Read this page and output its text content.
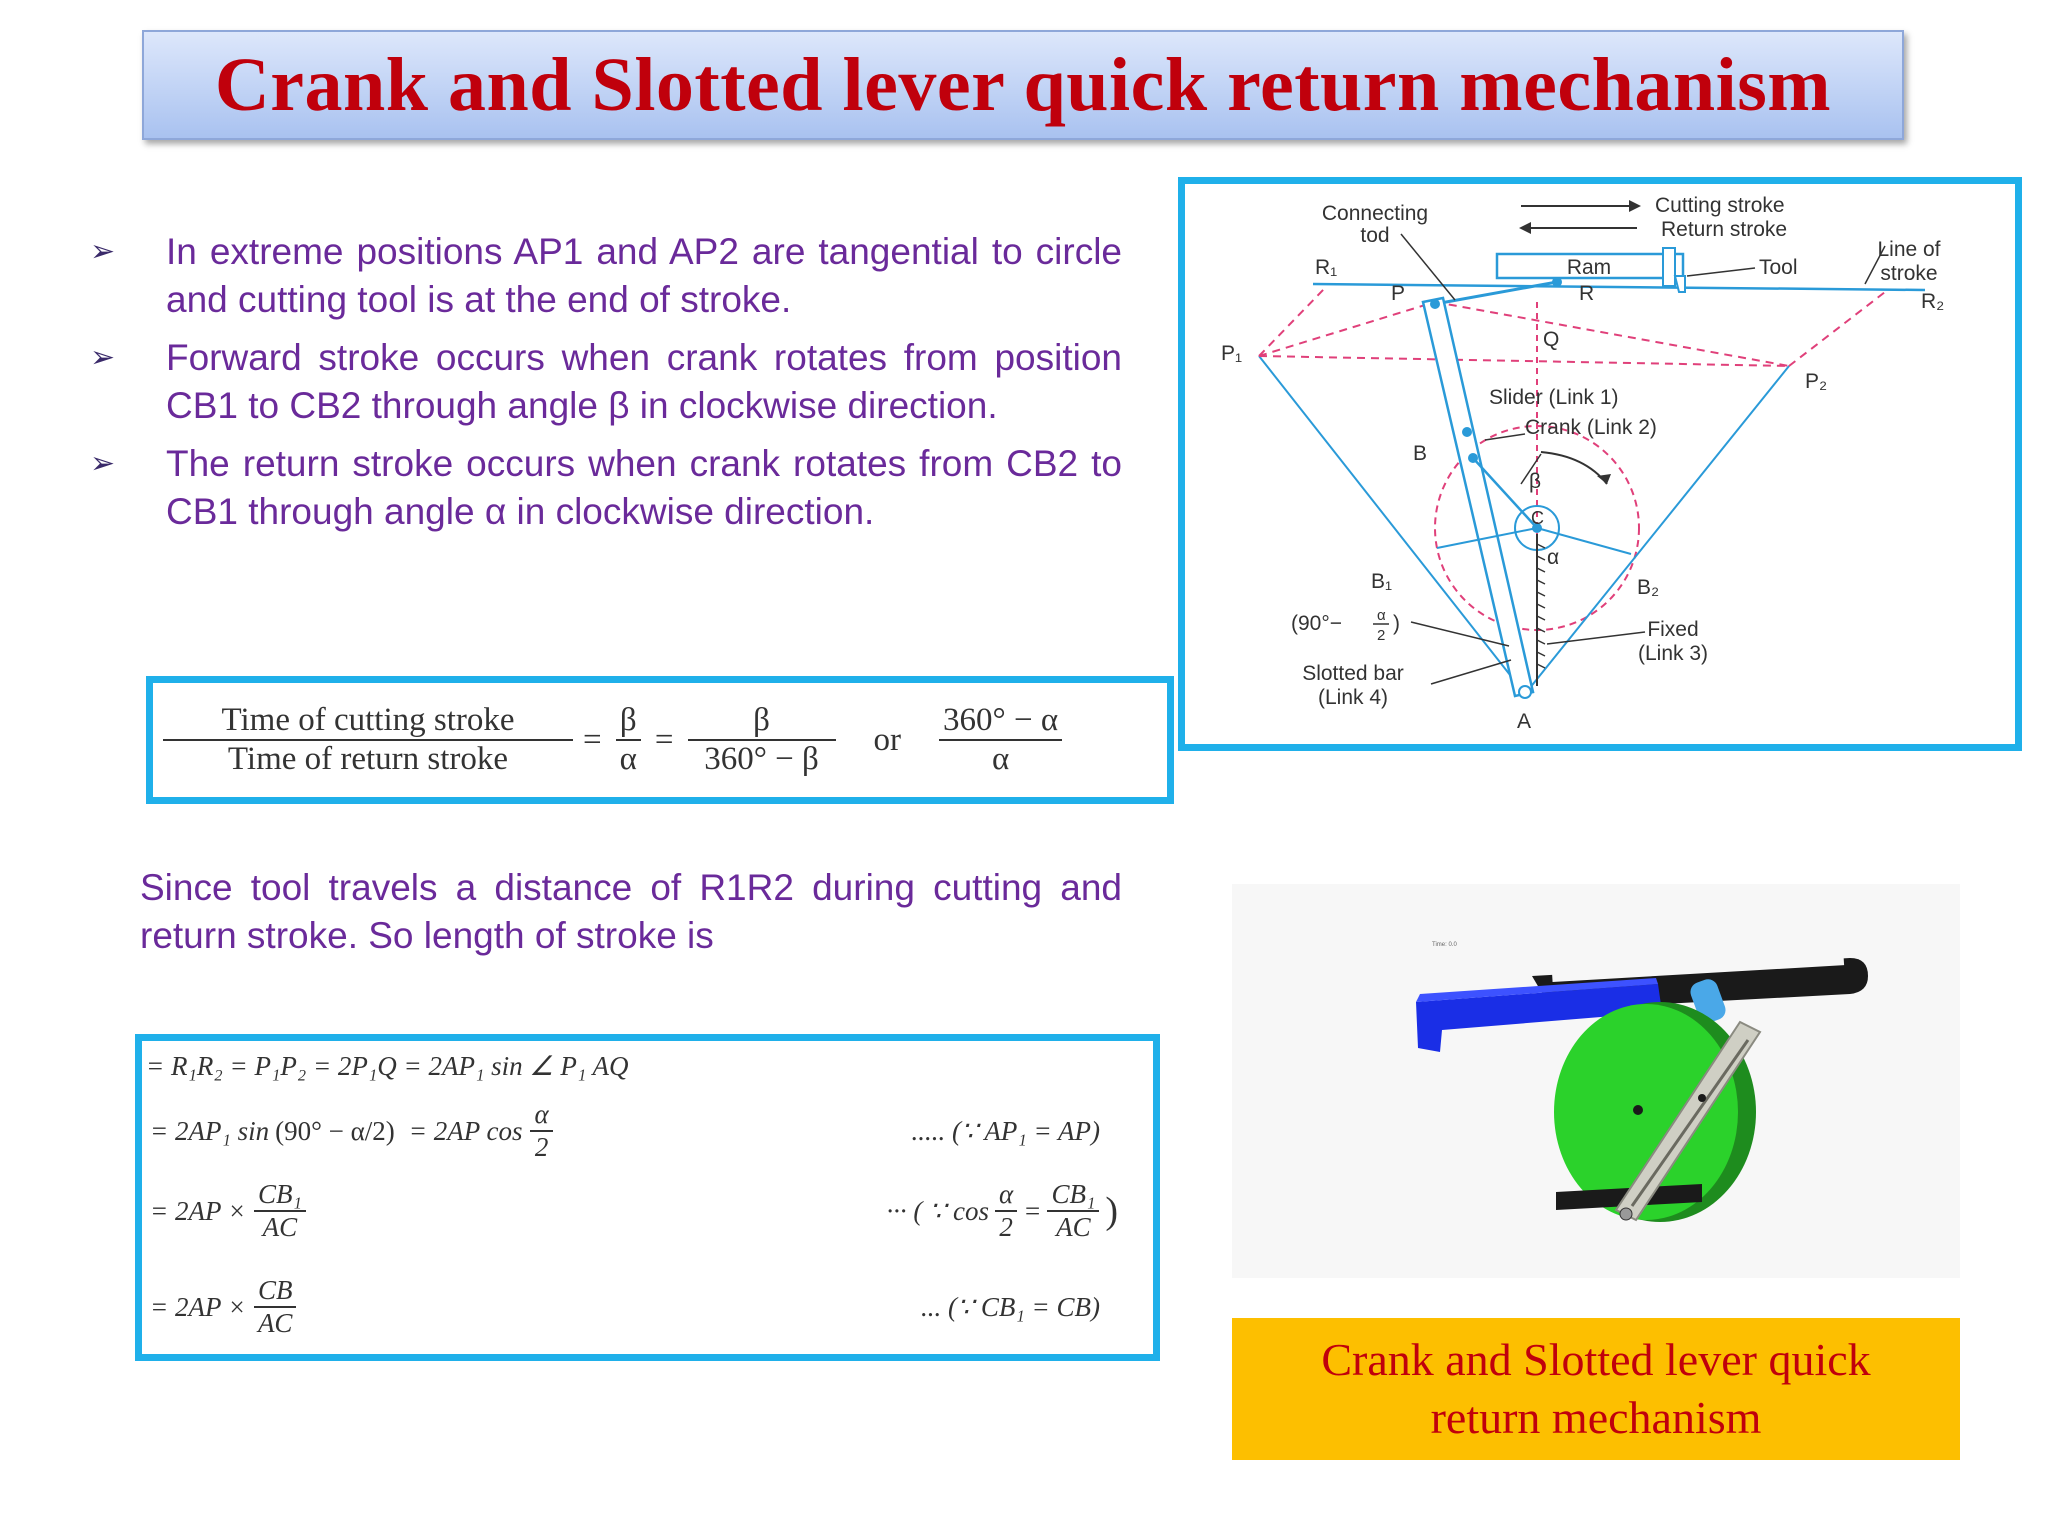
Crank and Slotted lever quick return mechanism
➢	In extreme positions AP1 and AP2 are tangential to circle and cutting tool is at the end of stroke.
➢	Forward stroke occurs when crank rotates from position CB1 to CB2 through angle β in clockwise direction.
➢	The return stroke occurs when crank rotates from CB2 to CB1 through angle α in clockwise direction.
$\frac{\text{Time of cutting stroke}}{\text{Time of return stroke}} = \frac{\beta}{\alpha} = \frac{\beta}{360^\circ - \beta}$ or $\frac{360^\circ - \alpha}{\alpha}$
Since tool travels a distance of R1R2 during cutting and return stroke. So length of stroke is
= R₁R₂ = P₁P₂ = 2P₁Q = 2AP₁ sin ∠ P₁ AQ
= 2AP₁ sin (90° − α/2) = 2AP $\cos \frac{\alpha}{2}$	..... (∵ AP₁ = AP)
= $2AP \times \frac{\text{CB₁}}{AC}$	··· ( ∵ $\cos \frac{\alpha}{2} = \frac{\text{CB₁}}{AC}$ )
= $2AP \times \frac{CB}{AC}$	... (∵ CB₁ = CB)
Connecting
tod
Cutting stroke
Return stroke
Line of
stroke
Ram	Tool
R₁
R	R₂
P
P₁
P₂
Q
Slider (Link 1)
Crank (Link 2)
B
B₁	B₂
C
β
α
(90°− α
2
)	Fixed
(Link 3)
Slotted bar
(Link 4)
A
Time: 0.0
Crank and Slotted lever quick
return mechanism
